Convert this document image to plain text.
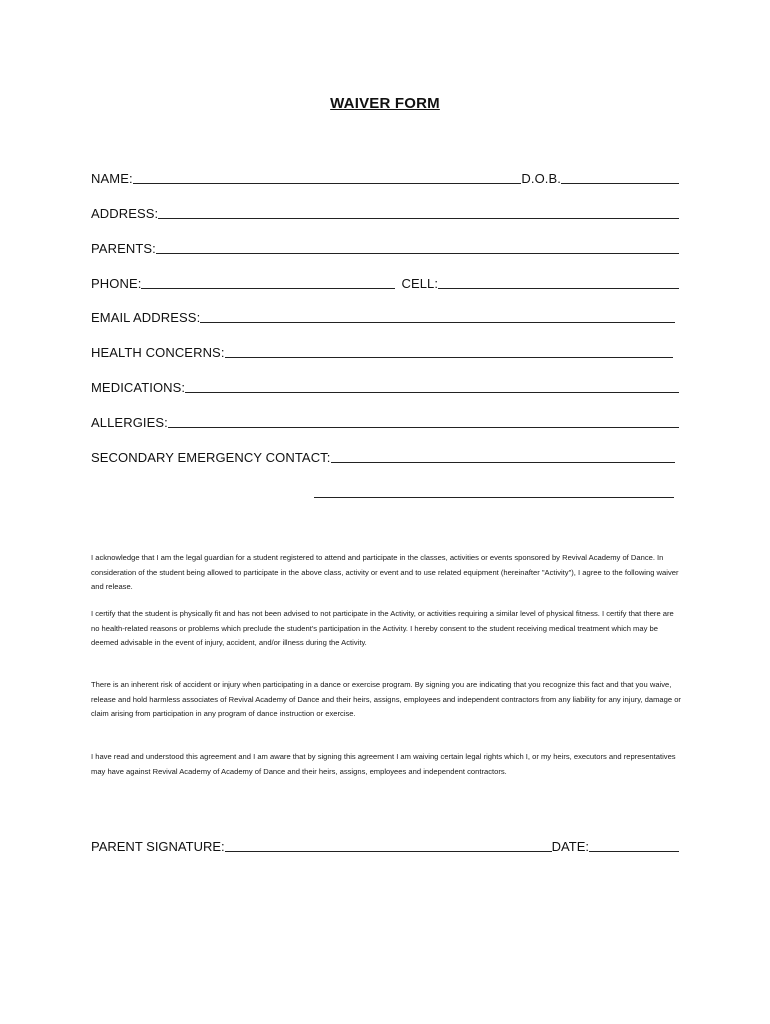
WAIVER FORM
NAME:	D.O.B.
ADDRESS:
PARENTS:
PHONE:	CELL:
EMAIL ADDRESS:
HEALTH CONCERNS:
MEDICATIONS:
ALLERGIES:
SECONDARY EMERGENCY CONTACT:
I acknowledge that I am the legal guardian for a student registered to attend and participate in the classes, activities or events sponsored by Revival Academy of Dance. In consideration of the student being allowed to participate in the above class, activity or event and to use related equipment (hereinafter "Activity"), I agree to the following waiver and release.
I certify that the student is physically fit and has not been advised to not participate in the Activity, or activities requiring a similar level of physical fitness. I certify that there are no health-related reasons or problems which preclude the student's participation in the Activity. I hereby consent to the student receiving medical treatment which may be deemed advisable in the event of injury, accident, and/or illness during the Activity.
There is an inherent risk of accident or injury when participating in a dance or exercise program. By signing you are indicating that you recognize this fact and that you waive, release and hold harmless associates of Revival Academy of Dance and their heirs, assigns, employees and independent contractors from any liability for any injury, damage or claim arising from participation in any program of dance instruction or exercise.
I have read and understood this agreement and I am aware that by signing this agreement I am waiving certain legal rights which I, or my heirs, executors and representatives may have against Revival Academy of Academy of Dance and their heirs, assigns, employees and independent contractors.
PARENT SIGNATURE:	DATE:
